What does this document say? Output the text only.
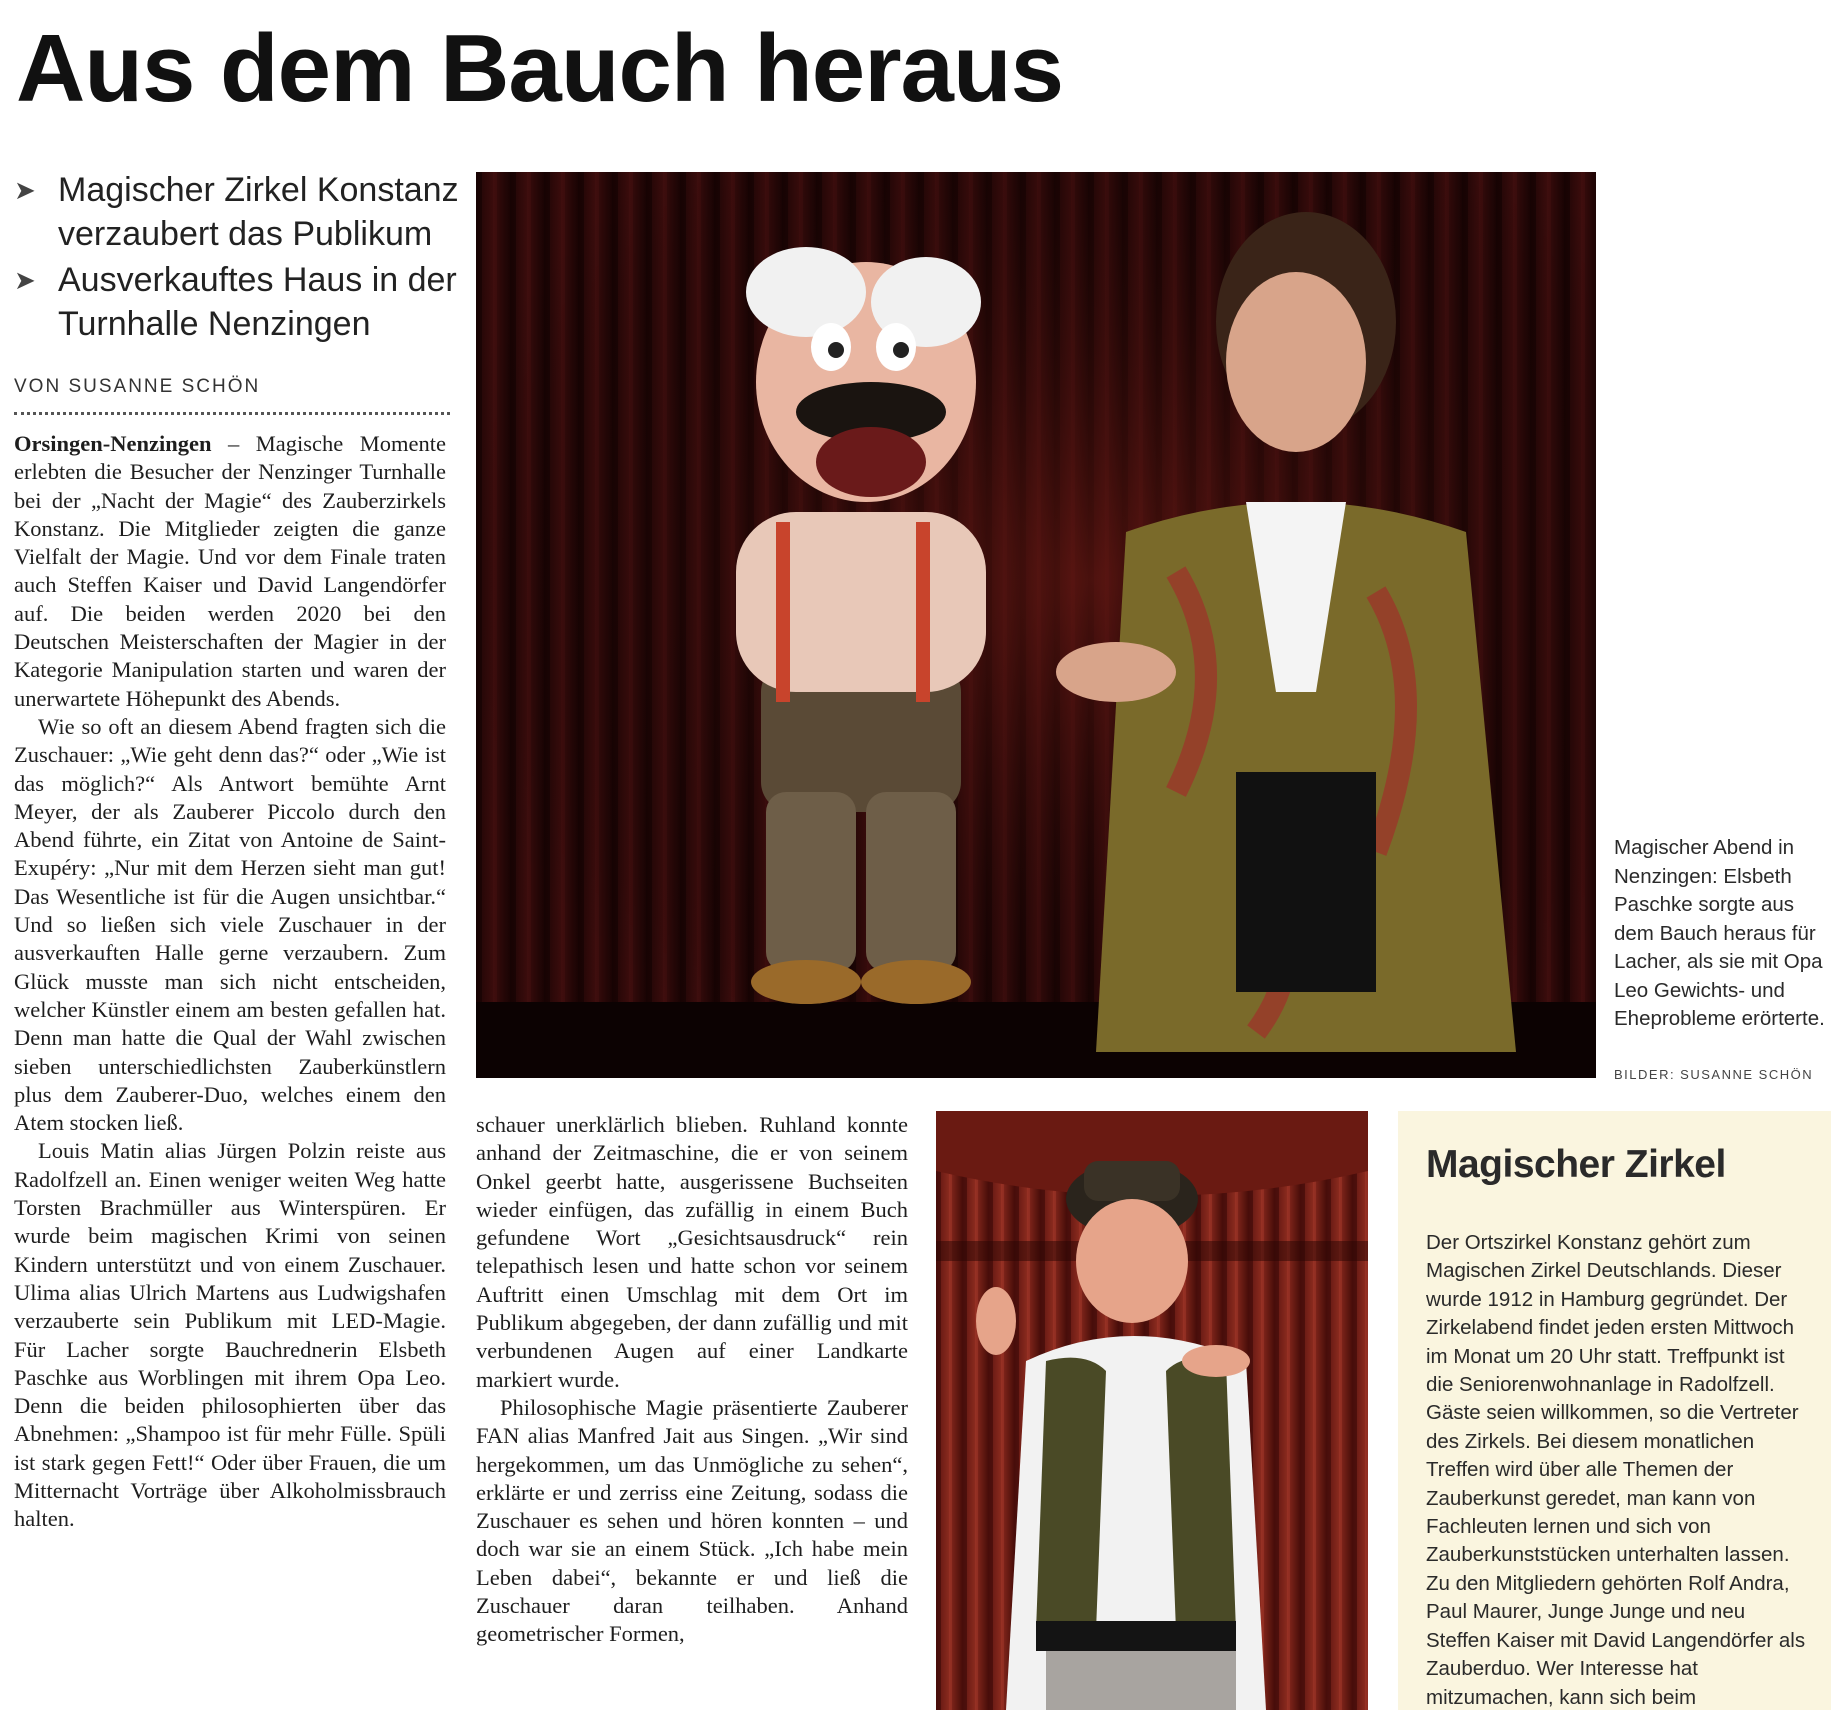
Aus dem Bauch heraus
➤ Magischer Zirkel Konstanz verzaubert das Publikum
➤ Ausverkauftes Haus in der Turnhalle Nenzingen
VON SUSANNE SCHÖN

Orsingen-Nenzingen – Magische Momente erlebten die Besucher der Nenzinger Turnhalle bei der „Nacht der Magie“ des Zauberzirkels Konstanz. Die Mitglieder zeigten die ganze Vielfalt der Magie. Und vor dem Finale traten auch Steffen Kaiser und David Langendörfer auf. Die beiden werden 2020 bei den Deutschen Meisterschaften der Magier in der Kategorie Manipulation starten und waren der unerwartete Höhepunkt des Abends.

Wie so oft an diesem Abend fragten sich die Zuschauer: „Wie geht denn das?“ oder „Wie ist das möglich?“ Als Antwort bemühte Arnt Meyer, der als Zauberer Piccolo durch den Abend führte, ein Zitat von Antoine de Saint-Exupéry: „Nur mit dem Herzen sieht man gut! Das Wesentliche ist für die Augen unsichtbar.“ Und so ließen sich viele Zuschauer in der ausverkauften Halle gerne verzaubern. Zum Glück musste man sich nicht entscheiden, welcher Künstler einem am besten gefallen hat. Denn man hatte die Qual der Wahl zwischen sieben unterschiedlichsten Zauberkünstlern plus dem Zauberer-Duo, welches einem den Atem stocken ließ.

Louis Matin alias Jürgen Polzin reiste aus Radolfzell an. Einen weniger weiten Weg hatte Torsten Brachmüller aus Winterspüren. Er wurde beim magischen Krimi von seinen Kindern unterstützt und von einem Zuschauer. Ulima alias Ulrich Martens aus Ludwigshafen verzauberte sein Publikum mit LED-Magie. Für Lacher sorgte Bauchrednerin Elsbeth Paschke aus Worblingen mit ihrem Opa Leo. Denn die beiden philosophierten über das Abnehmen: „Shampoo ist für mehr Fülle. Spüli ist stark gegen Fett!“ Oder über Frauen, die um Mitternacht Vorträge über Alkoholmissbrauch halten.

schauer unerklärlich blieben. Ruhland konnte anhand der Zeitmaschine, die er von seinem Onkel geerbt hatte, ausgerissene Buchseiten wieder einfügen, das zufällig in einem Buch gefundene Wort „Gesichtsausdruck“ rein telepathisch lesen und hatte schon vor seinem Auftritt einen Umschlag mit dem Ort im Publikum abgegeben, der dann zufällig und mit verbundenen Augen auf einer Landkarte markiert wurde.

Philosophische Magie präsentierte Zauberer FAN alias Manfred Jait aus Singen. „Wir sind hergekommen, um das Unmögliche zu sehen“, erklärte er und zerriss eine Zeitung, sodass die Zuschauer es sehen und hören konnten – und doch war sie an einem Stück. „Ich habe mein Leben dabei“, bekannte er und ließ die Zuschauer daran teilhaben. Anhand geometrischer Formen,

Magischer Abend in Nenzingen: Elsbeth Paschke sorgte aus dem Bauch heraus für Lacher, als sie mit Opa Leo Gewichts- und Eheprobleme erörterte.
BILDER: SUSANNE SCHÖN
Magischer Zirkel

Der Ortszirkel Konstanz gehört zum Magischen Zirkel Deutschlands. Dieser wurde 1912 in Hamburg gegründet. Der Zirkelabend findet jeden ersten Mittwoch im Monat um 20 Uhr statt. Treffpunkt ist die Seniorenwohnanlage in Radolfzell. Gäste seien willkommen, so die Vertreter des Zirkels. Bei diesem monatlichen Treffen wird über alle Themen der Zauberkunst geredet, man kann von Fachleuten lernen und sich von Zauberkunststücken unterhalten lassen. Zu den Mitgliedern gehörten Rolf Andra, Paul Maurer, Junge Junge und neu Steffen Kaiser mit David Langendörfer als Zauberduo. Wer Interesse hat mitzumachen, kann sich beim
